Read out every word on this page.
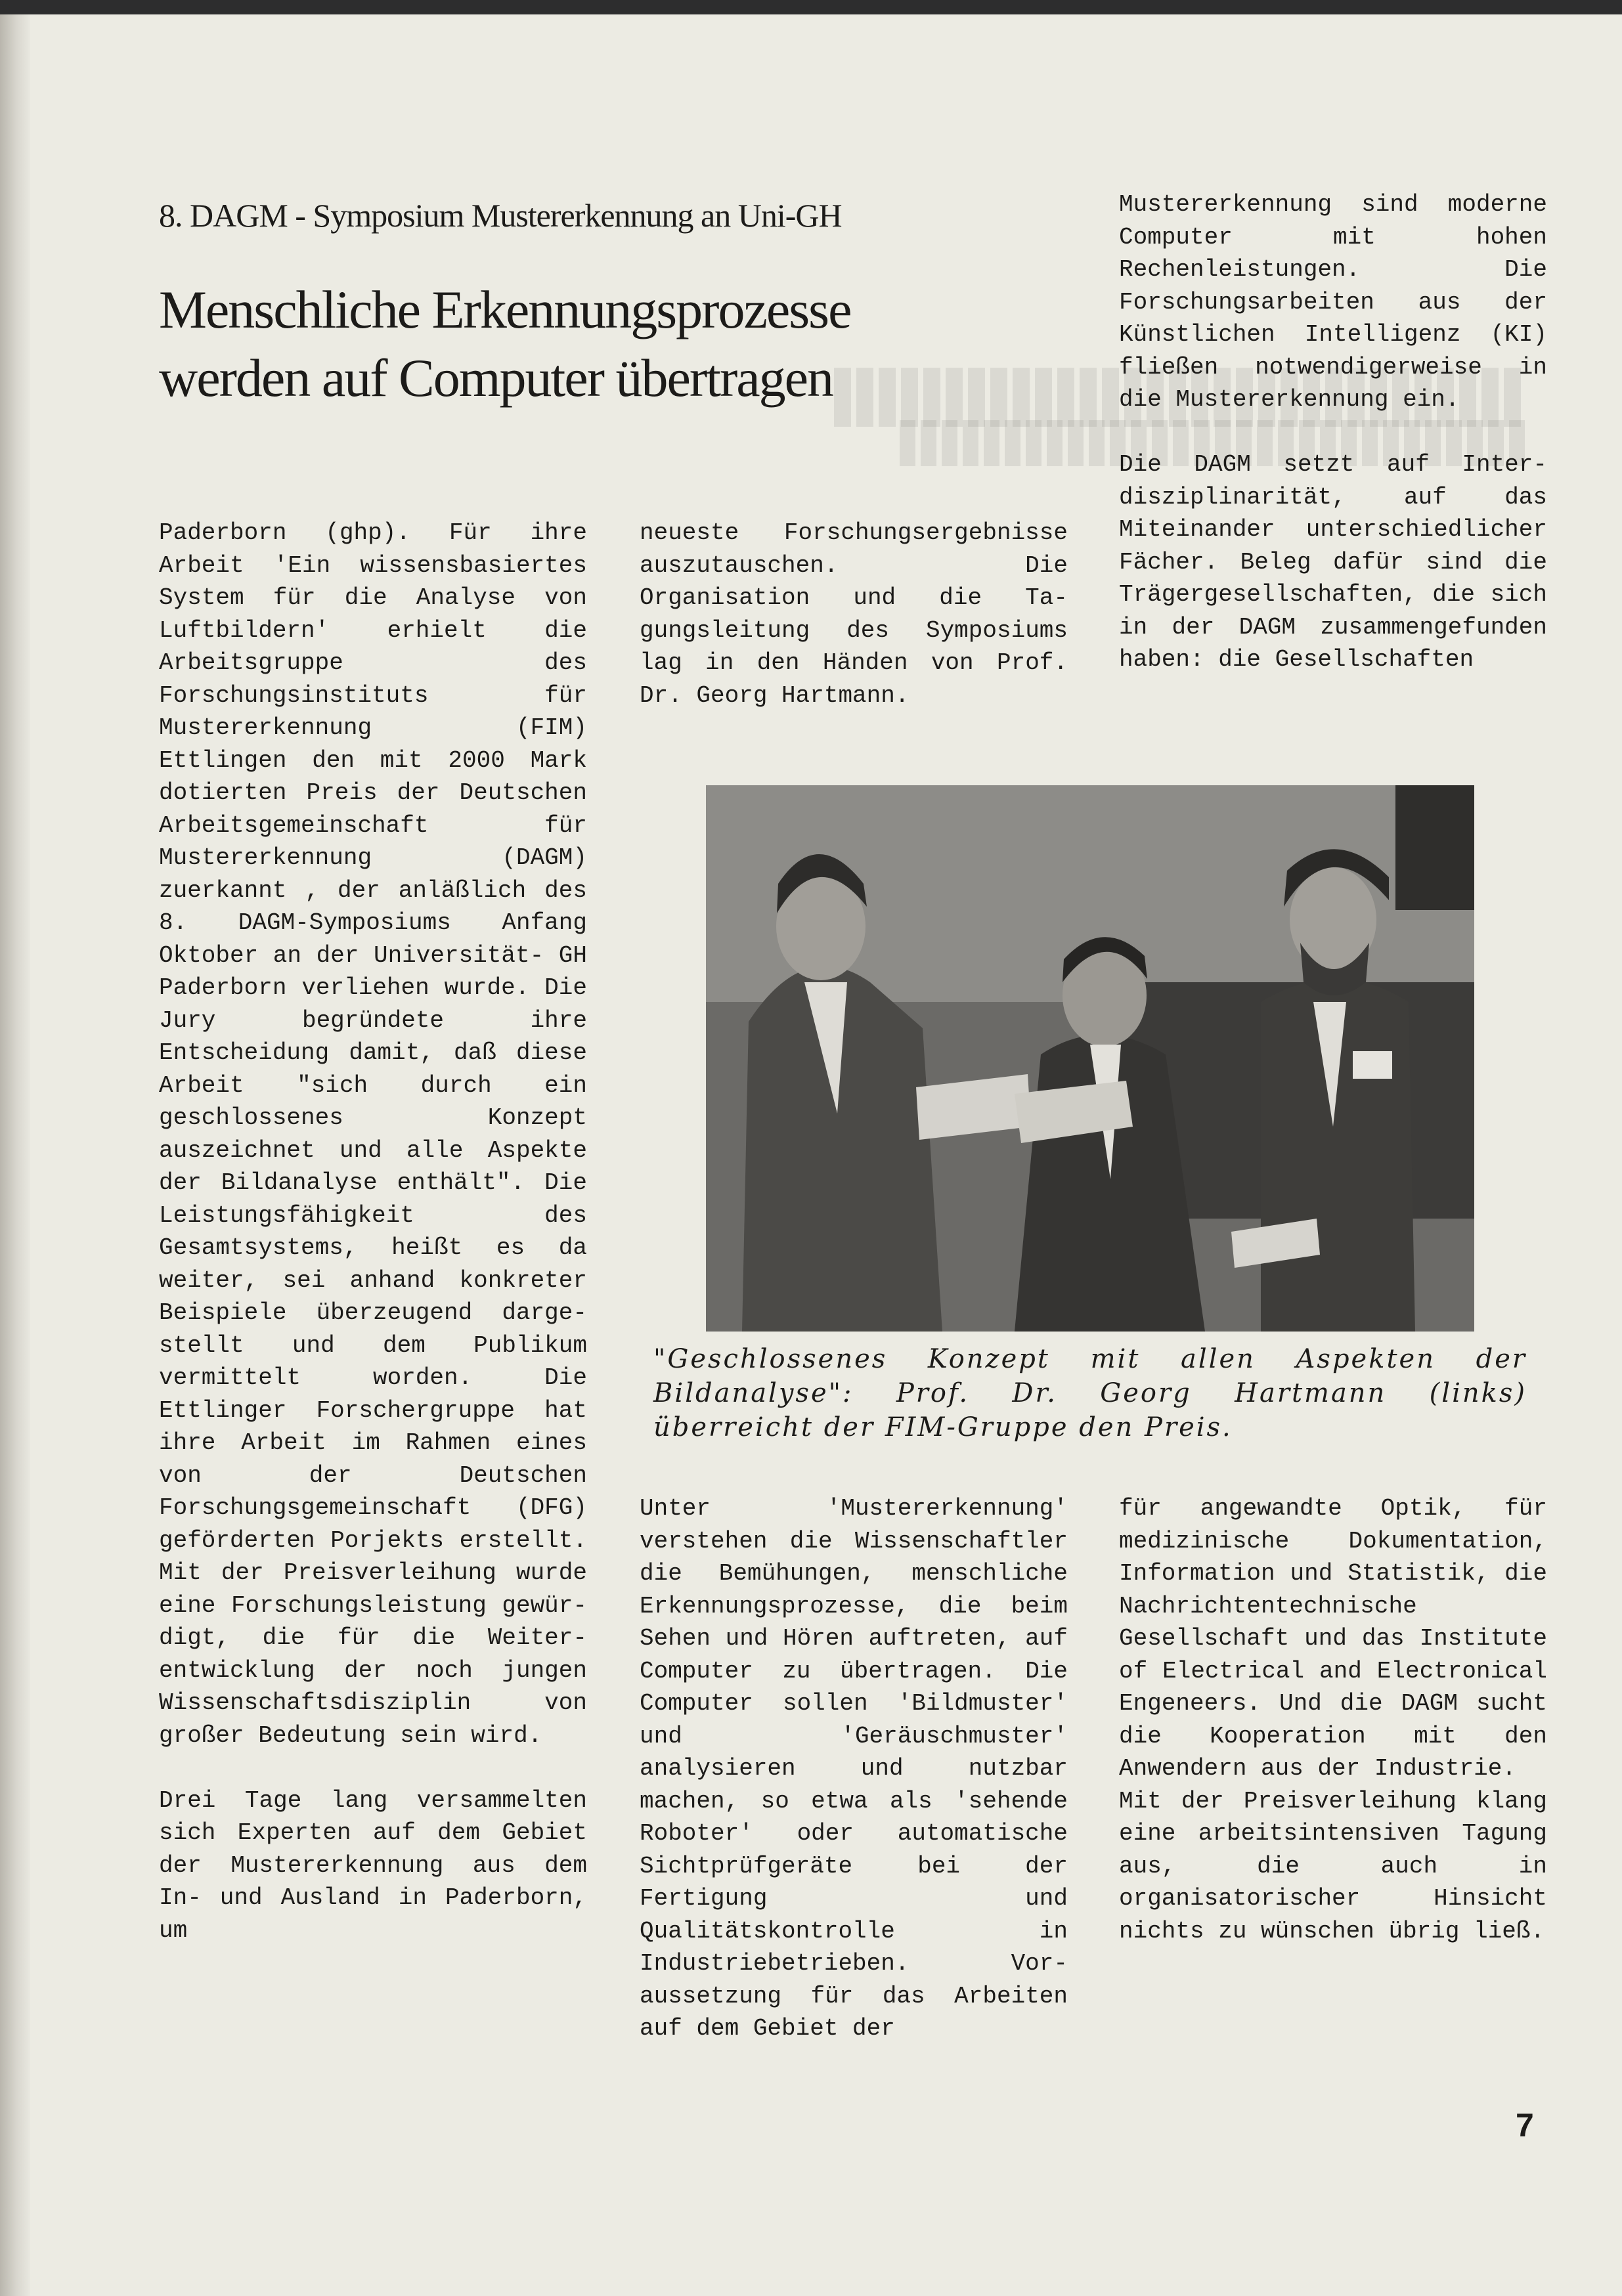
8. DAGM - Symposium Mustererkennung an Uni-GH
Menschliche Erkennungsprozesse
werden auf Computer übertragen

Paderborn (ghp). Für ihre Arbeit 'Ein wissensbasiertes System für die Analyse von Luftbildern' erhielt die Arbeitsgruppe des Forschungsinstituts für Mustererkennung (FIM) Ettlingen den mit 2000 Mark dotierten Preis der Deutschen Arbeitsgemeinschaft für Mustererkennung (DAGM) zuerkannt , der anläßlich des 8. DAGM-Symposiums Anfang Oktober an der Universität- GH Paderborn verliehen wurde. Die Jury begründete ihre Entscheidung damit, daß diese Arbeit "sich durch ein geschlossenes Konzept auszeichnet und alle Aspekte der Bildanalyse enthält". Die Leistungsfähigkeit des Gesamtsystems, heißt es da weiter, sei anhand konkreter Beispiele überzeugend dargestellt und dem Publikum vermittelt worden. Die Ettlinger Forschergruppe hat ihre Arbeit im Rahmen eines von der Deutschen Forschungsgemeinschaft (DFG) geförderten Porjekts erstellt. Mit der Preisverleihung wurde eine Forschungsleistung gewürdigt, die für die Weiterentwicklung der noch jungen Wissenschaftsdisziplin von großer Bedeutung sein wird.

Drei Tage lang versammelten sich Experten auf dem Gebiet der Mustererkennung aus dem In- und Ausland in Paderborn, um

neueste Forschungsergebnisse auszutauschen. Die Organisation und die Tagungsleitung des Symposiums lag in den Händen von Prof. Dr. Georg Hartmann.

Mustererkennung sind moderne Computer mit hohen Rechenleistungen. Die Forschungsarbeiten aus der Künstlichen Intelligenz (KI) fließen notwendigerweise in die Mustererkennung ein.

Die DAGM setzt auf Interdisziplinarität, auf das Miteinander unterschiedlicher Fächer. Beleg dafür sind die Trägergesellschaften, die sich in der DAGM zusammengefunden haben: die Gesellschaften

"Geschlossenes Konzept mit allen Aspekten der Bildanalyse": Prof. Dr. Georg Hartmann (links) überreicht der FIM-Gruppe den Preis.

Unter 'Mustererkennung' verstehen die Wissenschaftler die Bemühungen, menschliche Erkennungsprozesse, die beim Sehen und Hören auftreten, auf Computer zu übertragen. Die Computer sollen 'Bildmuster' und 'Geräuschmuster' analysieren und nutzbar machen, so etwa als 'sehende Roboter' oder automatische Sichtprüfgeräte bei der Fertigung und Qualitätskontrolle in Industriebetrieben. Voraussetzung für das Arbeiten auf dem Gebiet der

für angewandte Optik, für medizinische Dokumentation, Information und Statistik, die Nachrichtentechnische Gesellschaft und das Institute of Electrical and Electronical Engeneers. Und die DAGM sucht die Kooperation mit den Anwendern aus der Industrie.

Mit der Preisverleihung klang eine arbeitsintensiven Tagung aus, die auch in organisatorischer Hinsicht nichts zu wünschen übrig ließ.

7
